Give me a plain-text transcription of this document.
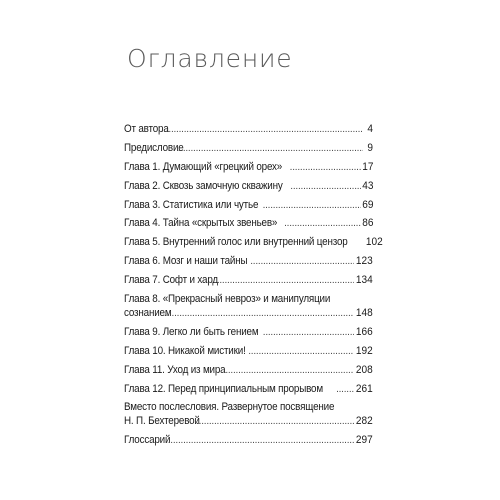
Оглавление
От автора . . .	4
Предисловие . . .	9
Глава 1. Думающий «грецкий орех» . . .	17
Глава 2. Сквозь замочную скважину . . .	43
Глава 3. Статистика или чутье . . .	69
Глава 4. Тайна «скрытых звеньев» . . .	86
Глава 5. Внутренний голос или внутренний цензор 102
Глава 6. Мозг и наши тайны . . .	123
Глава 7. Софт и хард . . .	134
Глава 8. «Прекрасный невроз» и манипуляции
сознанием . . .	148
Глава 9. Легко ли быть гением . . .	166
Глава 10. Никакой мистики! . . .	192
Глава 11. Уход из мира . . .	208
Глава 12. Перед принципиальным прорывом . . .	261
Вместо послесловия. Развернутое посвящение
Н. П. Бехтеревой . . .	282
Глоссарий . . .	297
